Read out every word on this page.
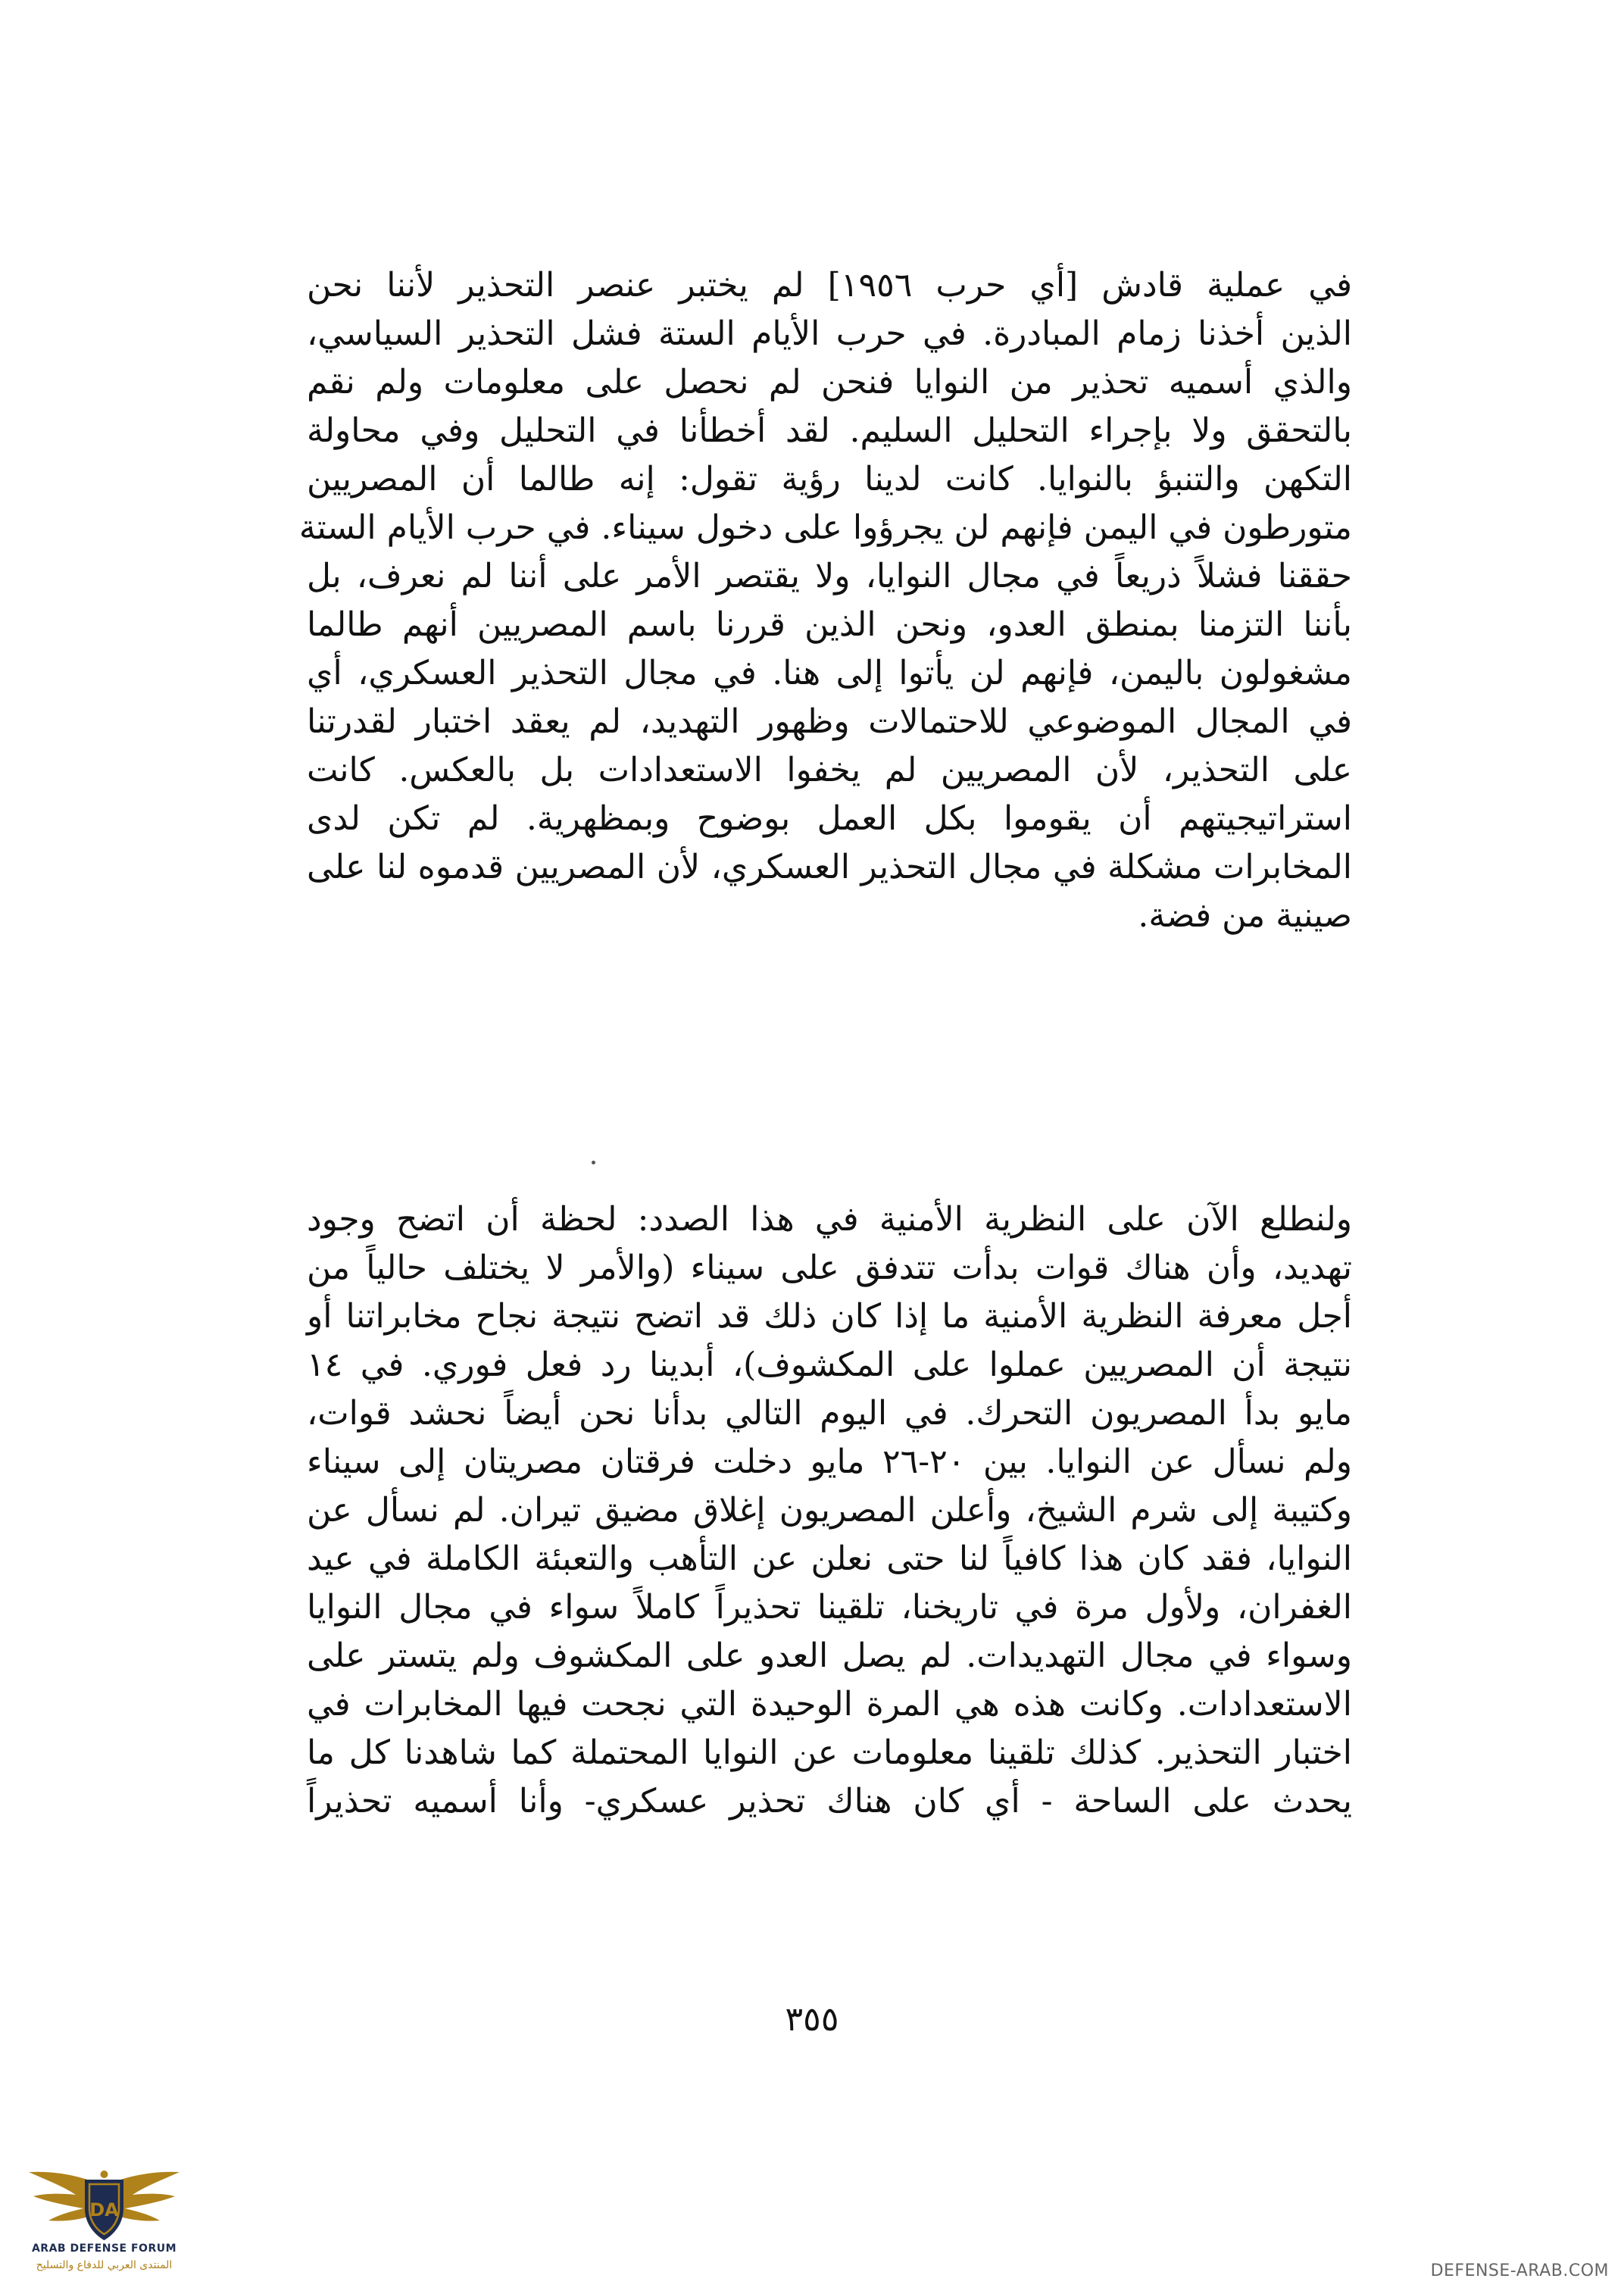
في عملية قادش [أي حرب ١٩٥٦] لم يختبر عنصر التحذير لأننا نحن
الذين أخذنا زمام المبادرة. في حرب الأيام الستة فشل التحذير السياسي،
والذي أسميه تحذير من النوايا فنحن لم نحصل على معلومات ولم نقم
بالتحقق ولا بإجراء التحليل السليم. لقد أخطأنا في التحليل وفي محاولة
التكهن والتنبؤ بالنوايا. كانت لدينا رؤية تقول: إنه طالما أن المصريين
متورطون في اليمن فإنهم لن يجرؤوا على دخول سيناء. في حرب الأيام الستة
حققنا فشلاً ذريعاً في مجال النوايا، ولا يقتصر الأمر على أننا لم نعرف، بل
بأننا التزمنا بمنطق العدو، ونحن الذين قررنا باسم المصريين أنهم طالما
مشغولون باليمن، فإنهم لن يأتوا إلى هنا. في مجال التحذير العسكري، أي
في المجال الموضوعي للاحتمالات وظهور التهديد، لم يعقد اختبار لقدرتنا
على التحذير، لأن المصريين لم يخفوا الاستعدادات بل بالعكس. كانت
استراتيجيتهم أن يقوموا بكل العمل بوضوح وبمظهرية. لم تكن لدى
المخابرات مشكلة في مجال التحذير العسكري، لأن المصريين قدموه لنا على
صينية من فضة.
ولنطلع الآن على النظرية الأمنية في هذا الصدد: لحظة أن اتضح وجود
تهديد، وأن هناك قوات بدأت تتدفق على سيناء (والأمر لا يختلف حالياً من
أجل معرفة النظرية الأمنية ما إذا كان ذلك قد اتضح نتيجة نجاح مخابراتنا أو
نتيجة أن المصريين عملوا على المكشوف)، أبدينا رد فعل فوري. في ١٤
مايو بدأ المصريون التحرك. في اليوم التالي بدأنا نحن أيضاً نحشد قوات،
ولم نسأل عن النوايا. بين ٢٠-٢٦ مايو دخلت فرقتان مصريتان إلى سيناء
وكتيبة إلى شرم الشيخ، وأعلن المصريون إغلاق مضيق تيران. لم نسأل عن
النوايا، فقد كان هذا كافياً لنا حتى نعلن عن التأهب والتعبئة الكاملة في عيد
الغفران، ولأول مرة في تاريخنا، تلقينا تحذيراً كاملاً سواء في مجال النوايا
وسواء في مجال التهديدات. لم يصل العدو على المكشوف ولم يتستر على
الاستعدادات. وكانت هذه هي المرة الوحيدة التي نجحت فيها المخابرات في
اختبار التحذير. كذلك تلقينا معلومات عن النوايا المحتملة كما شاهدنا كل ما
يحدث على الساحة - أي كان هناك تحذير عسكري- وأنا أسميه تحذيراً
٣٥٥
DA
ARAB DEFENSE FORUM
المنتدى العربي للدفاع والتسليح	DEFENSE-ARAB.COM
